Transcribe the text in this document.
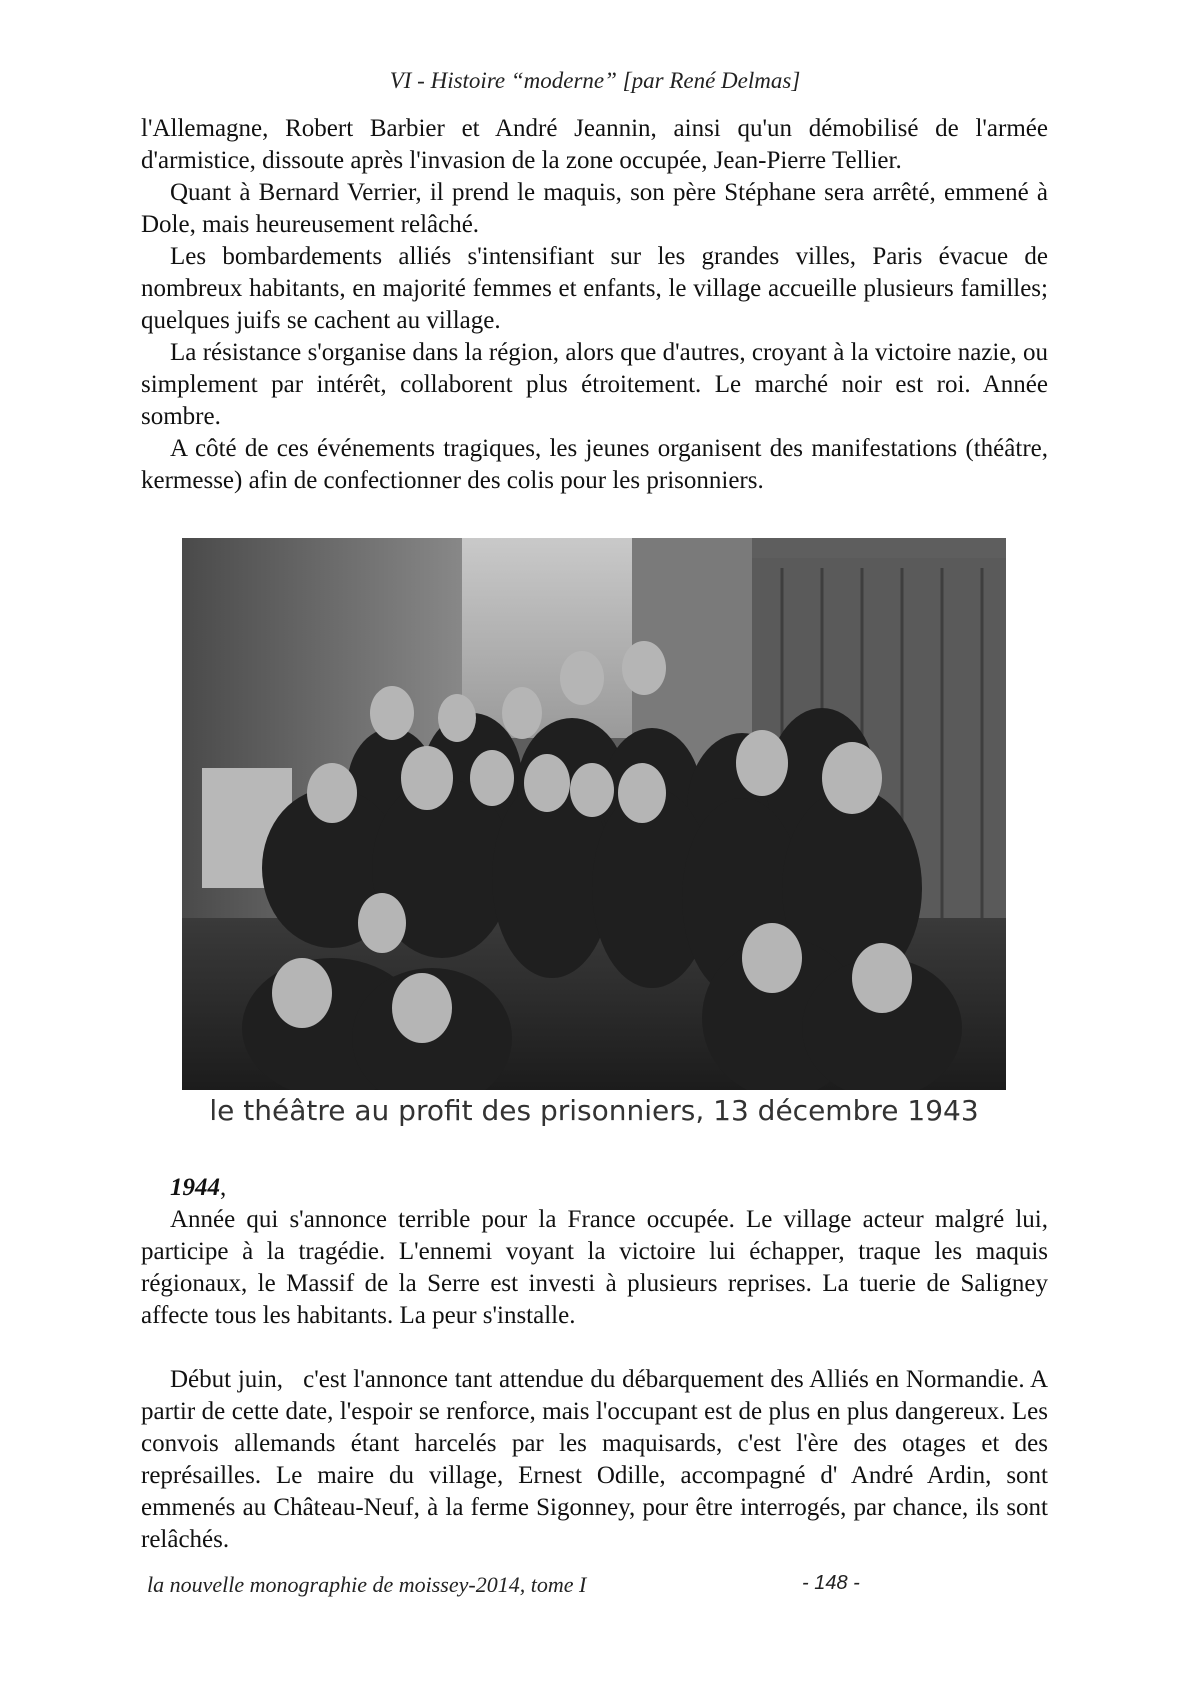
VI - Histoire “moderne” [par René Delmas]

l'Allemagne, Robert Barbier et André Jeannin, ainsi qu'un démobilisé de l'armée d'armistice, dissoute après l'invasion de la zone occupée, Jean-Pierre Tellier.

Quant à Bernard Verrier, il prend le maquis, son père Stéphane sera arrêté, emmené à Dole, mais heureusement relâché.

Les bombardements alliés s'intensifiant sur les grandes villes, Paris évacue de nombreux habitants, en majorité femmes et enfants, le village accueille plusieurs familles; quelques juifs se cachent au village.

La résistance s'organise dans la région, alors que d'autres, croyant à la victoire nazie, ou simplement par intérêt, collaborent plus étroitement. Le marché noir est roi. Année sombre.

A côté de ces événements tragiques, les jeunes organisent des manifestations (théâtre, kermesse) afin de confectionner des colis pour les prisonniers.

le théâtre au profit des prisonniers, 13 décembre 1943
1944,

Année qui s'annonce terrible pour la France occupée. Le village acteur malgré lui, participe à la tragédie. L'ennemi voyant la victoire lui échapper, traque les maquis régionaux, le Massif de la Serre est investi à plusieurs reprises. La tuerie de Saligney affecte tous les habitants. La peur s'installe.

Début juin,   c'est l'annonce tant attendue du débarquement des Alliés en Normandie. A partir de cette date, l'espoir se renforce, mais l'occupant est de plus en plus dangereux. Les convois allemands étant harcelés par les maquisards, c'est l'ère des otages et des représailles. Le maire du village, Ernest Odille, accompagné d' André Ardin, sont emmenés au Château-Neuf, à la ferme Sigonney, pour être interrogés, par chance, ils sont relâchés.

la nouvelle monographie de moissey-2014, tome I	- 148 -
